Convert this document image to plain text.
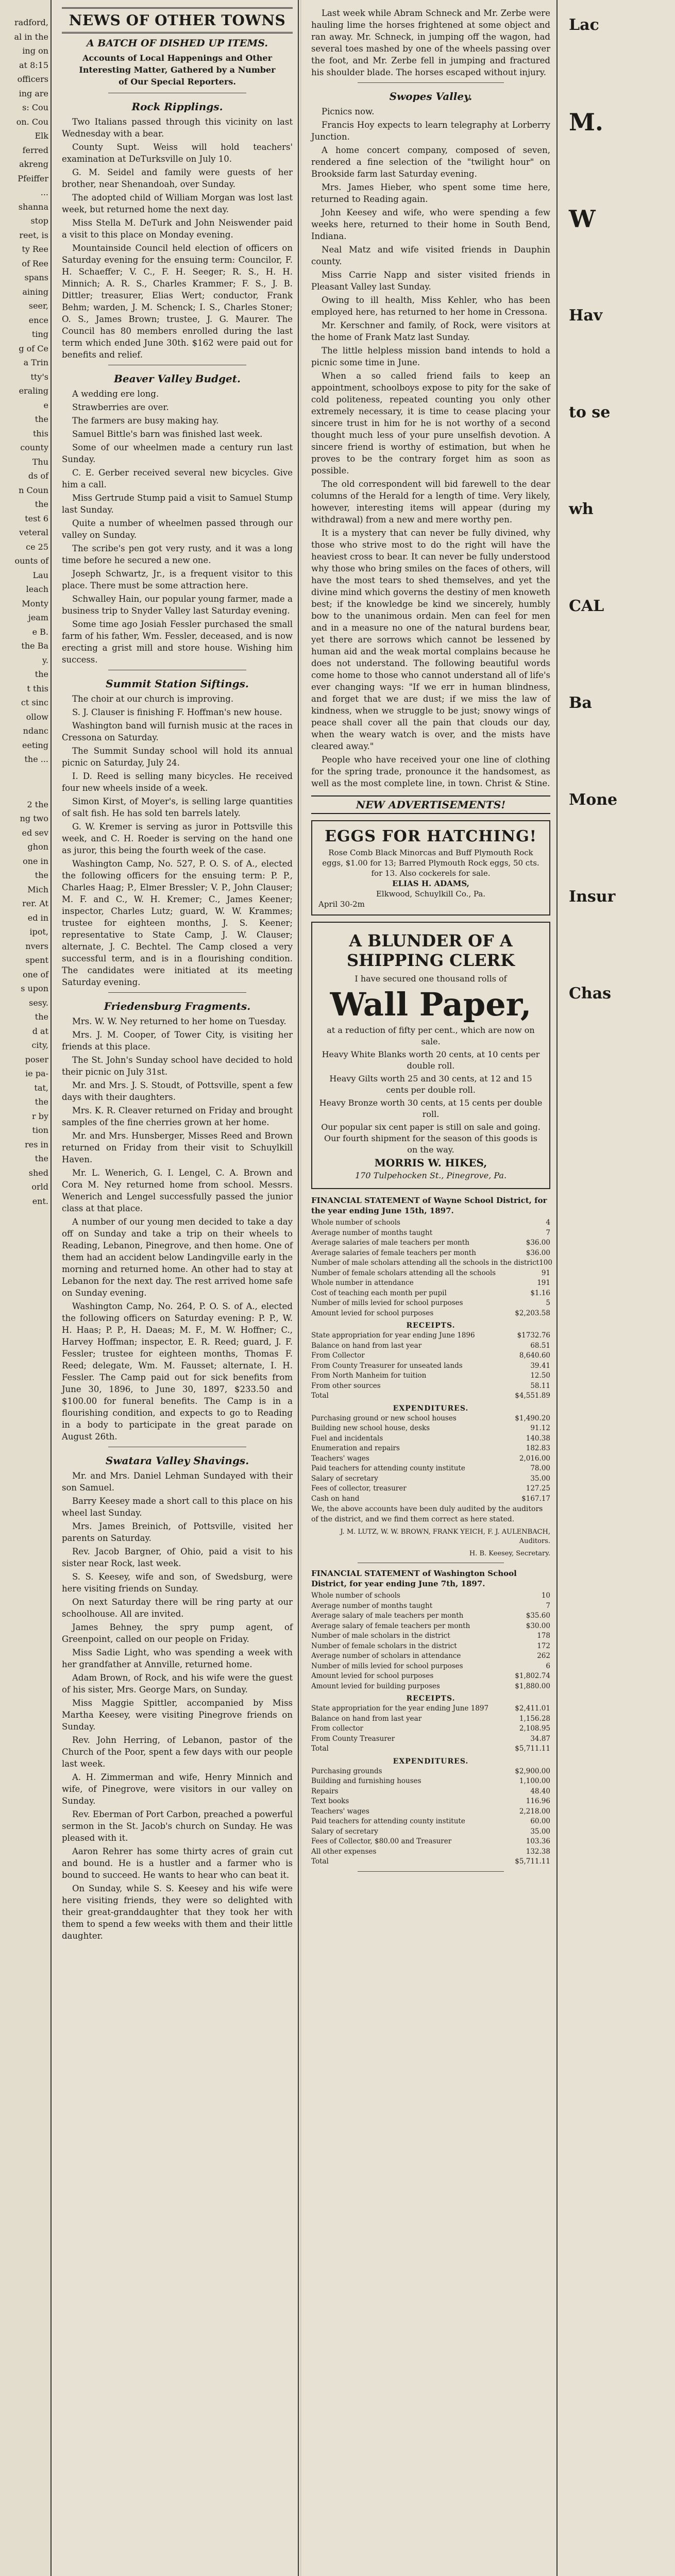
radford,

al in the

ing on

at 8:15

officers

ing are

s: Cou

on. Cou

Elk

ferred

akreng

Pfeiffer

...

shanna

stop

reet, is

ty Ree

of Ree

spans

aining

seer,

ence

ting

g of Ce

a Trin

tty's

eraling

e

the

this

county

Thu

ds of

n Coun

the

test 6

veteral

ce 25

ounts of

Lau

leach

Monty

jeam

e B.

the Ba

y.

the

t this

ct sinc

ollow

ndanc

eeting

the ...

2 the

ng two

ed sev

ghon

one in

the

Mich

rer. At

ed in

ipot,

nvers

spent

one of

s upon

sesy.

the

d at

city,

poser

ie pa-

tat,

the

r by

tion

res in

the

shed

orld

ent.

NEWS OF OTHER TOWNS
A BATCH OF DISHED UP ITEMS.
Accounts of Local Happenings and Other Interesting Matter, Gathered by a Number of Our Special Reporters.
Rock Ripplings.

Two Italians passed through this vicinity on last Wednesday with a bear.

County Supt. Weiss will hold teachers' examination at DeTurksville on July 10.

G. M. Seidel and family were guests of her brother, near Shenandoah, over Sunday.

The adopted child of William Morgan was lost last week, but returned home the next day.

Miss Stella M. DeTurk and John Neiswender paid a visit to this place on Monday evening.

Mountainside Council held election of officers on Saturday evening for the ensuing term: Councilor, F. H. Schaeffer; V. C., F. H. Seeger; R. S., H. H. Minnich; A. R. S., Charles Krammer; F. S., J. B. Dittler; treasurer, Elias Wert; conductor, Frank Behm; warden, J. M. Schenck; I. S., Charles Stoner; O. S., James Brown; trustee, J. G. Maurer. The Council has 80 members enrolled during the last term which ended June 30th. $162 were paid out for benefits and relief.

Beaver Valley Budget.

A wedding ere long.

Strawberries are over.

The farmers are busy making hay.

Samuel Bittle's barn was finished last week.

Some of our wheelmen made a century run last Sunday.

C. E. Gerber received several new bicycles. Give him a call.

Miss Gertrude Stump paid a visit to Samuel Stump last Sunday.

Quite a number of wheelmen passed through our valley on Sunday.

The scribe's pen got very rusty, and it was a long time before he secured a new one.

Joseph Schwartz, Jr., is a frequent visitor to this place. There must be some attraction here.

Schwalley Hain, our popular young farmer, made a business trip to Snyder Valley last Saturday evening.

Some time ago Josiah Fessler purchased the small farm of his father, Wm. Fessler, deceased, and is now erecting a grist mill and store house. Wishing him success.

Summit Station Siftings.

The choir at our church is improving.

S. J. Clauser is finishing F. Hoffman's new house.

Washington band will furnish music at the races in Cressona on Saturday.

The Summit Sunday school will hold its annual picnic on Saturday, July 24.

I. D. Reed is selling many bicycles. He received four new wheels inside of a week.

Simon Kirst, of Moyer's, is selling large quantities of salt fish. He has sold ten barrels lately.

G. W. Kremer is serving as juror in Pottsville this week, and C. H. Roeder is serving on the hand one as juror, this being the fourth week of the case.

Washington Camp, No. 527, P. O. S. of A., elected the following officers for the ensuing term: P. P., Charles Haag; P., Elmer Bressler; V. P., John Clauser; M. F. and C., W. H. Kremer; C., James Keener; inspector, Charles Lutz; guard, W. W. Krammes; trustee for eighteen months, J. S. Keener; representative to State Camp, J. W. Clauser; alternate, J. C. Bechtel. The Camp closed a very successful term, and is in a flourishing condition. The candidates were initiated at its meeting Saturday evening.

Friedensburg Fragments.

Mrs. W. W. Ney returned to her home on Tuesday.

Mrs. J. M. Cooper, of Tower City, is visiting her friends at this place.

The St. John's Sunday school have decided to hold their picnic on July 31st.

Mr. and Mrs. J. S. Stoudt, of Pottsville, spent a few days with their daughters.

Mrs. K. R. Cleaver returned on Friday and brought samples of the fine cherries grown at her home.

Mr. and Mrs. Hunsberger, Misses Reed and Brown returned on Friday from their visit to Schuylkill Haven.

Mr. L. Wenerich, G. I. Lengel, C. A. Brown and Cora M. Ney returned home from school. Messrs. Wenerich and Lengel successfully passed the junior class at that place.

A number of our young men decided to take a day off on Sunday and take a trip on their wheels to Reading, Lebanon, Pinegrove, and then home. One of them had an accident below Landingville early in the morning and returned home. An other had to stay at Lebanon for the next day. The rest arrived home safe on Sunday evening.

Washington Camp, No. 264, P. O. S. of A., elected the following officers on Saturday evening: P. P., W. H. Haas; P. P., H. Daeas; M. F., M. W. Hoffner; C., Harvey Hoffman; inspector, E. R. Reed; guard, J. F. Fessler; trustee for eighteen months, Thomas F. Reed; delegate, Wm. M. Fausset; alternate, I. H. Fessler. The Camp paid out for sick benefits from June 30, 1896, to June 30, 1897, $233.50 and $100.00 for funeral benefits. The Camp is in a flourishing condition, and expects to go to Reading in a body to participate in the great parade on August 26th.

Swatara Valley Shavings.

Mr. and Mrs. Daniel Lehman Sundayed with their son Samuel.

Barry Keesey made a short call to this place on his wheel last Sunday.

Mrs. James Breinich, of Pottsville, visited her parents on Saturday.

Rev. Jacob Bargner, of Ohio, paid a visit to his sister near Rock, last week.

S. S. Keesey, wife and son, of Swedsburg, were here visiting friends on Sunday.

On next Saturday there will be ring party at our schoolhouse. All are invited.

James Behney, the spry pump agent, of Greenpoint, called on our people on Friday.

Miss Sadie Light, who was spending a week with her grandfather at Annville, returned home.

Adam Brown, of Rock, and his wife were the guest of his sister, Mrs. George Mars, on Sunday.

Miss Maggie Spittler, accompanied by Miss Martha Keesey, were visiting Pinegrove friends on Sunday.

Rev. John Herring, of Lebanon, pastor of the Church of the Poor, spent a few days with our people last week.

A. H. Zimmerman and wife, Henry Minnich and wife, of Pinegrove, were visitors in our valley on Sunday.

Rev. Eberman of Port Carbon, preached a powerful sermon in the St. Jacob's church on Sunday. He was pleased with it.

Aaron Rehrer has some thirty acres of grain cut and bound. He is a hustler and a farmer who is bound to succeed. He wants to hear who can beat it.

On Sunday, while S. S. Keesey and his wife were here visiting friends, they were so delighted with their great-granddaughter that they took her with them to spend a few weeks with them and their little daughter.

Last week while Abram Schneck and Mr. Zerbe were hauling lime the horses frightened at some object and ran away. Mr. Schneck, in jumping off the wagon, had several toes mashed by one of the wheels passing over the foot, and Mr. Zerbe fell in jumping and fractured his shoulder blade. The horses escaped without injury.

Swopes Valley.

Picnics now.

Francis Hoy expects to learn telegraphy at Lorberry Junction.

A home concert company, composed of seven, rendered a fine selection of the "twilight hour" on Brookside farm last Saturday evening.

Mrs. James Hieber, who spent some time here, returned to Reading again.

John Keesey and wife, who were spending a few weeks here, returned to their home in South Bend, Indiana.

Neal Matz and wife visited friends in Dauphin county.

Miss Carrie Napp and sister visited friends in Pleasant Valley last Sunday.

Owing to ill health, Miss Kehler, who has been employed here, has returned to her home in Cressona.

Mr. Kerschner and family, of Rock, were visitors at the home of Frank Matz last Sunday.

The little helpless mission band intends to hold a picnic some time in June.

When a so called friend fails to keep an appointment, schoolboys expose to pity for the sake of cold politeness, repeated counting you only other extremely necessary, it is time to cease placing your sincere trust in him for he is not worthy of a second thought much less of your pure unselfish devotion. A sincere friend is worthy of estimation, but when he proves to be the contrary forget him as soon as possible.

The old correspondent will bid farewell to the dear columns of the Herald for a length of time. Very likely, however, interesting items will appear (during my withdrawal) from a new and mere worthy pen.

It is a mystery that can never be fully divined, why those who strive most to do the right will have the heaviest cross to bear. It can never be fully understood why those who bring smiles on the faces of others, will have the most tears to shed themselves, and yet the divine mind which governs the destiny of men knoweth best; if the knowledge be kind we sincerely, humbly bow to the unanimous ordain. Men can feel for men and in a measure no one of the natural burdens bear, yet there are sorrows which cannot be lessened by human aid and the weak mortal complains because he does not understand. The following beautiful words come home to those who cannot understand all of life's ever changing ways: "If we err in human blindness, and forget that we are dust; if we miss the law of kindness, when we struggle to be just; snowy wings of peace shall cover all the pain that clouds our day, when the weary watch is over, and the mists have cleared away."

People who have received your one line of clothing for the spring trade, pronounce it the handsomest, as well as the most complete line, in town. Christ & Stine.

NEW ADVERTISEMENTS!
EGGS FOR HATCHING!

Rose Comb Black Minorcas and Buff Plymouth Rock eggs, $1.00 for 13; Barred Plymouth Rock eggs, 50 cts. for 13. Also cockerels for sale.

ELIAS H. ADAMS,

Elkwood, Schuylkill Co., Pa.

April 30-2m

A BLUNDER OF A SHIPPING CLERK

I have secured one thousand rolls of

Wall Paper,

at a reduction of fifty per cent., which are now on sale.

Heavy White Blanks worth 20 cents, at 10 cents per double roll.

Heavy Gilts worth 25 and 30 cents, at 12 and 15 cents per double roll.

Heavy Bronze worth 30 cents, at 15 cents per double roll.

Our popular six cent paper is still on sale and going. Our fourth shipment for the season of this goods is on the way.

MORRIS W. HIKES,

170 Tulpehocken St., Pinegrove, Pa.

FINANCIAL STATEMENT of Wayne School District, for the year ending June 15th, 1897.
Whole number of schools	4
Average number of months taught	7
Average salaries of male teachers per month	$36.00
Average salaries of female teachers per month	$36.00
Number of male scholars attending all the schools in the district 100
Number of female scholars attending all the schools	91
Whole number in attendance	191
Cost of teaching each month per pupil	$1.16
Number of mills levied for school purposes	5
Amount levied for school purposes	$2,203.58
RECEIPTS.
State appropriation for year ending June 1896	$1732.76
Balance on hand from last year	68.51
From Collector	8,640.60
From County Treasurer for unseated lands	39.41
From North Manheim for tuition	12.50
From other sources	58.11
Total	$4,551.89
EXPENDITURES.
Purchasing ground or new school houses	$1,490.20
Building new school house, desks	91.12
Fuel and incidentals	140.38
Enumeration and repairs	182.83
Teachers' wages	2,016.00
Paid teachers for attending county institute	78.00
Salary of secretary	35.00
Fees of collector, treasurer	127.25
Cash on hand	$167.17

We, the above accounts have been duly audited by the auditors of the district, and we find them correct as here stated.

J. M. LUTZ, W. W. BROWN, FRANK YEICH, F. J. AULENBACH, Auditors.

H. B. Keesey, Secretary.

FINANCIAL STATEMENT of Washington School District, for year ending June 7th, 1897.
Whole number of schools	10
Average number of months taught	7
Average salary of male teachers per month	$35.60
Average salary of female teachers per month	$30.00
Number of male scholars in the district	178
Number of female scholars in the district	172
Average number of scholars in attendance	262
Number of mills levied for school purposes	6
Amount levied for school purposes	$1,802.74
Amount levied for building purposes	$1,880.00
RECEIPTS.
State appropriation for the year ending June 1897	$2,411.01
Balance on hand from last year	1,156.28
From collector	2,108.95
From County Treasurer	34.87
Total	$5,711.11
EXPENDITURES.
Purchasing grounds	$2,900.00
Building and furnishing houses	1,100.00
Repairs	48.40
Text books	116.96
Teachers' wages	2,218.00
Paid teachers for attending county institute	60.00
Salary of secretary	35.00
Fees of Collector, $80.00 and Treasurer	103.36
All other expenses	132.38
Total	$5,711.11

Lac

M.

W

Hav

to se

wh

CAL

Ba

Mone

Insur

Chas
